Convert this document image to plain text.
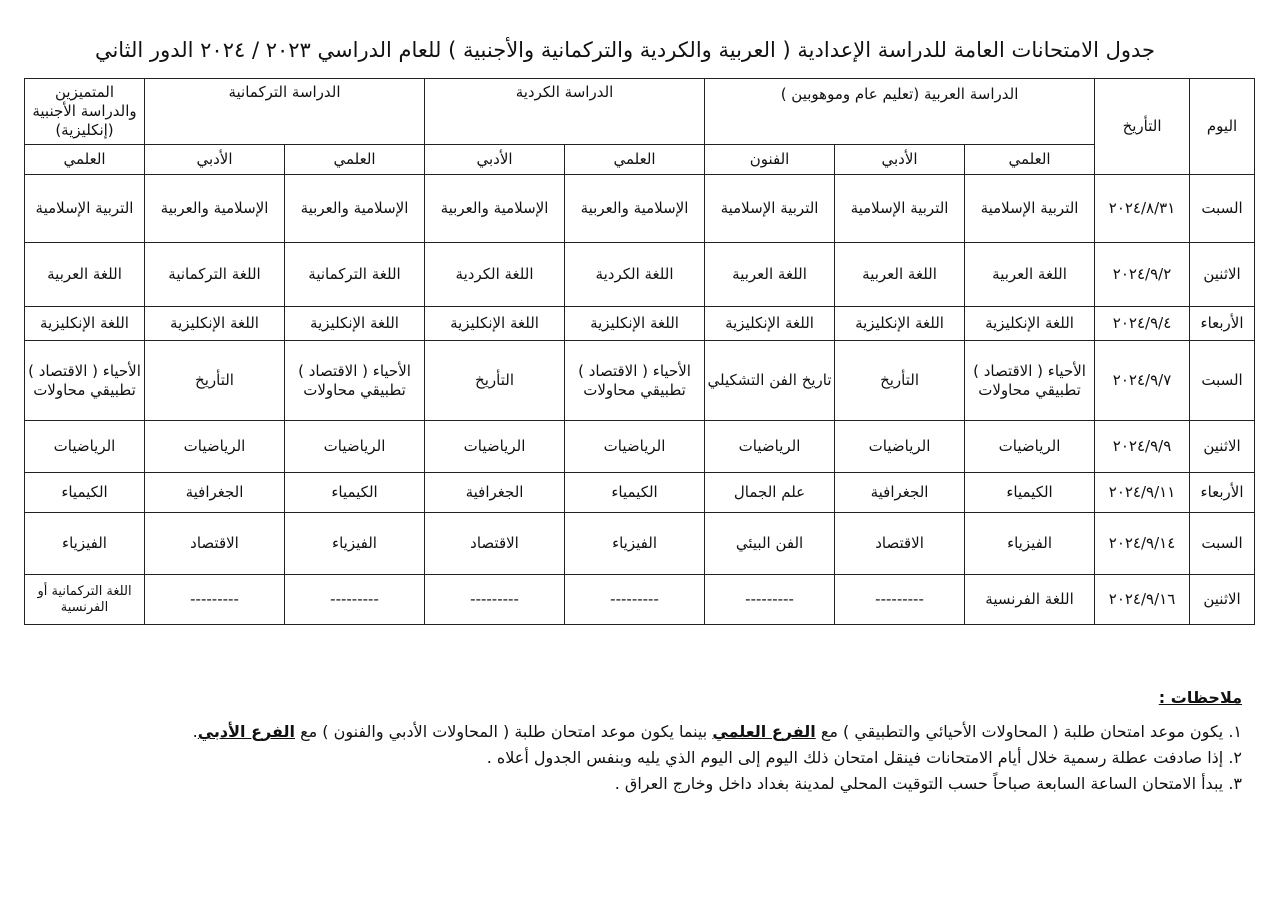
جدول الامتحانات العامة للدراسة الإعدادية ( العربية والكردية والتركمانية والأجنبية ) للعام الدراسي ٢٠٢٣ / ٢٠٢٤ الدور الثاني
اليوم	التأريخ	الدراسة العربية (تعليم عام وموهوبين )			الدراسة الكردية		الدراسة التركمانية		المتميزين والدراسة الأجنبية (إنكليزية)
		العلمي	الأدبي	الفنون	العلمي	الأدبي	العلمي	الأدبي	العلمي
السبت	٢٠٢٤/٨/٣١	التربية الإسلامية	التربية الإسلامية	التربية الإسلامية	الإسلامية والعربية	الإسلامية والعربية	الإسلامية والعربية	الإسلامية والعربية	التربية الإسلامية
الاثنين	٢٠٢٤/٩/٢	اللغة العربية	اللغة العربية	اللغة العربية	اللغة الكردية	اللغة الكردية	اللغة التركمانية	اللغة التركمانية	اللغة العربية
الأربعاء	٢٠٢٤/٩/٤	اللغة الإنكليزية	اللغة الإنكليزية	اللغة الإنكليزية	اللغة الإنكليزية	اللغة الإنكليزية	اللغة الإنكليزية	اللغة الإنكليزية	اللغة الإنكليزية
السبت	٢٠٢٤/٩/٧	الأحياء ( الاقتصاد ) تطبيقي محاولات	التأريخ	تاريخ الفن التشكيلي	الأحياء ( الاقتصاد ) تطبيقي محاولات	التأريخ	الأحياء ( الاقتصاد ) تطبيقي محاولات	التأريخ	الأحياء ( الاقتصاد ) تطبيقي محاولات
الاثنين	٢٠٢٤/٩/٩	الرياضيات	الرياضيات	الرياضيات	الرياضيات	الرياضيات	الرياضيات	الرياضيات	الرياضيات
الأربعاء	٢٠٢٤/٩/١١	الكيمياء	الجغرافية	علم الجمال	الكيمياء	الجغرافية	الكيمياء	الجغرافية	الكيمياء
السبت	٢٠٢٤/٩/١٤	الفيزياء	الاقتصاد	الفن البيئي	الفيزياء	الاقتصاد	الفيزياء	الاقتصاد	الفيزياء
الاثنين	٢٠٢٤/٩/١٦	اللغة الفرنسية	---------	---------	---------	---------	---------	---------	اللغة التركمانية أو الفرنسية
ملاحظات :
١. يكون موعد امتحان طلبة ( المحاولات الأحيائي والتطبيقي ) مع الفرع العلمي بينما يكون موعد امتحان طلبة ( المحاولات الأدبي والفنون ) مع الفرع الأدبي.
٢. إذا صادفت عطلة رسمية خلال أيام الامتحانات فينقل امتحان ذلك اليوم إلى اليوم الذي يليه وبنفس الجدول أعلاه .
٣. يبدأ الامتحان الساعة السابعة صباحاً حسب التوقيت المحلي لمدينة بغداد داخل وخارج العراق .
